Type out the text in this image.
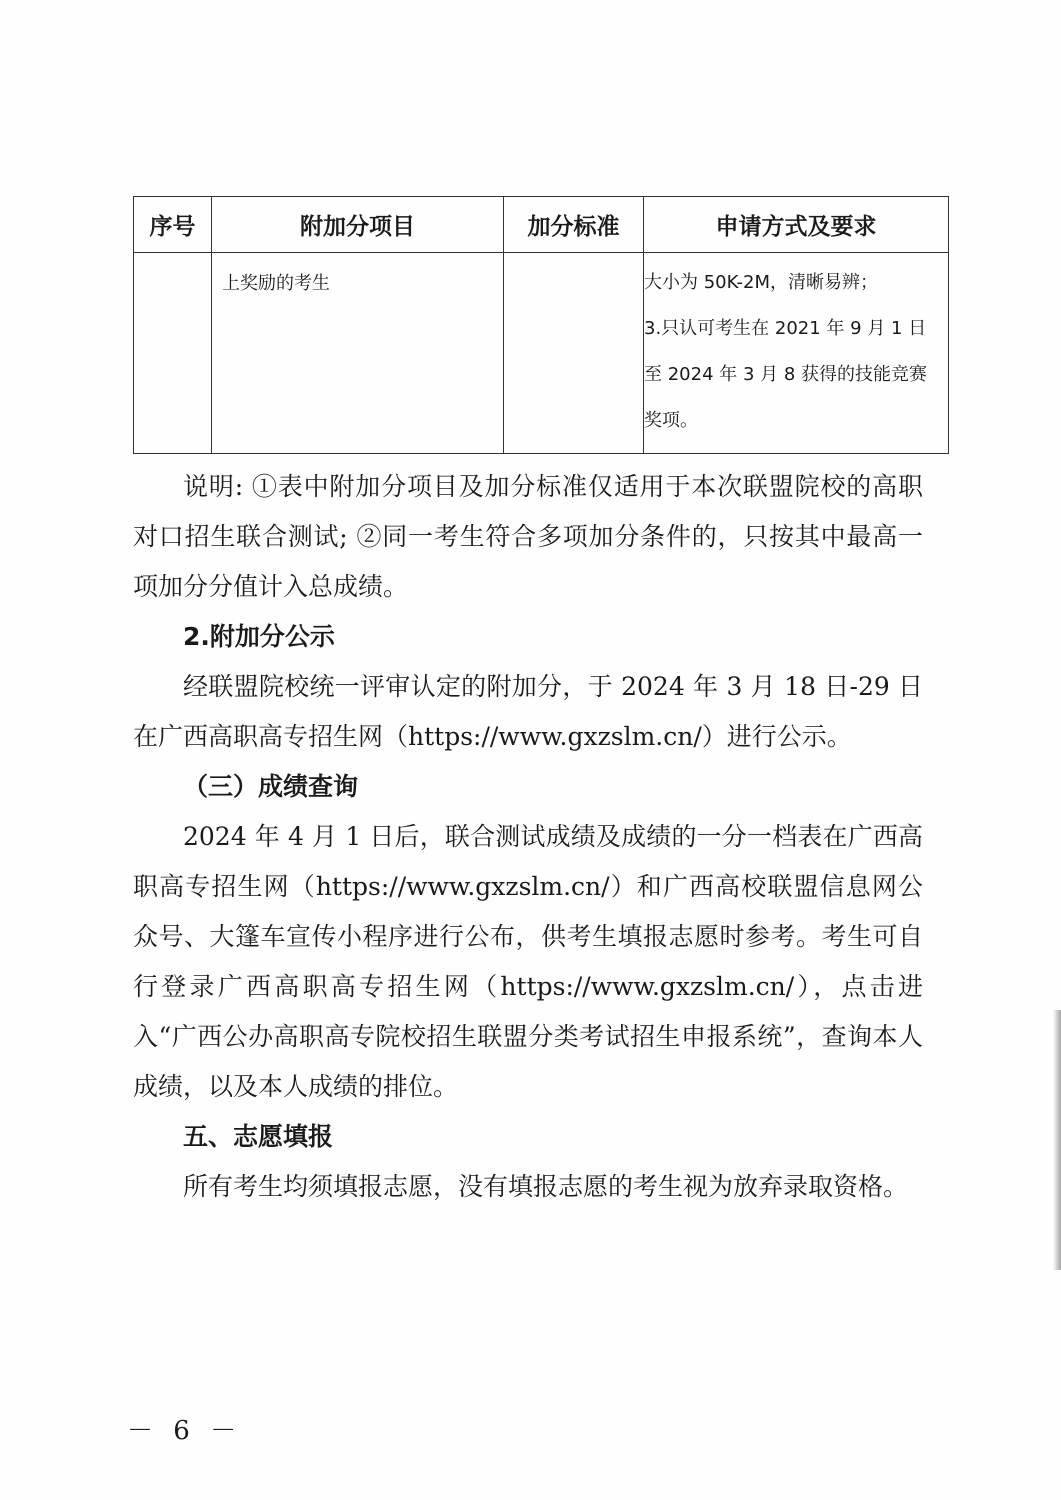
序号	附加分项目	加分标准	申请方式及要求

	上奖励的考生		大小为 50K-2M，清晰易辨；
3.只认可考生在 2021 年 9 月 1 日
至 2024 年 3 月 8 获得的技能竞赛
奖项。

说明: ①表中附加分项目及加分标准仅适用于本次联盟院校的高职对口招生联合测试; ②同一考生符合多项加分条件的，只按其中最高一项加分分值计入总成绩。

2.附加分公示

经联盟院校统一评审认定的附加分，于 2024 年 3 月 18 日-29 日在广西高职高专招生网（https://www.gxzslm.cn/）进行公示。

（三）成绩查询

2024 年 4 月 1 日后，联合测试成绩及成绩的一分一档表在广西高职高专招生网（https://www.gxzslm.cn/）和广西高校联盟信息网公众号、大篷车宣传小程序进行公布，供考生填报志愿时参考。考生可自行登录广西高职高专招生网（https://www.gxzslm.cn/），点击进入“广西公办高职高专院校招生联盟分类考试招生申报系统”，查询本人成绩，以及本人成绩的排位。

五、志愿填报

所有考生均须填报志愿，没有填报志愿的考生视为放弃录取资格。

－ 6 －
